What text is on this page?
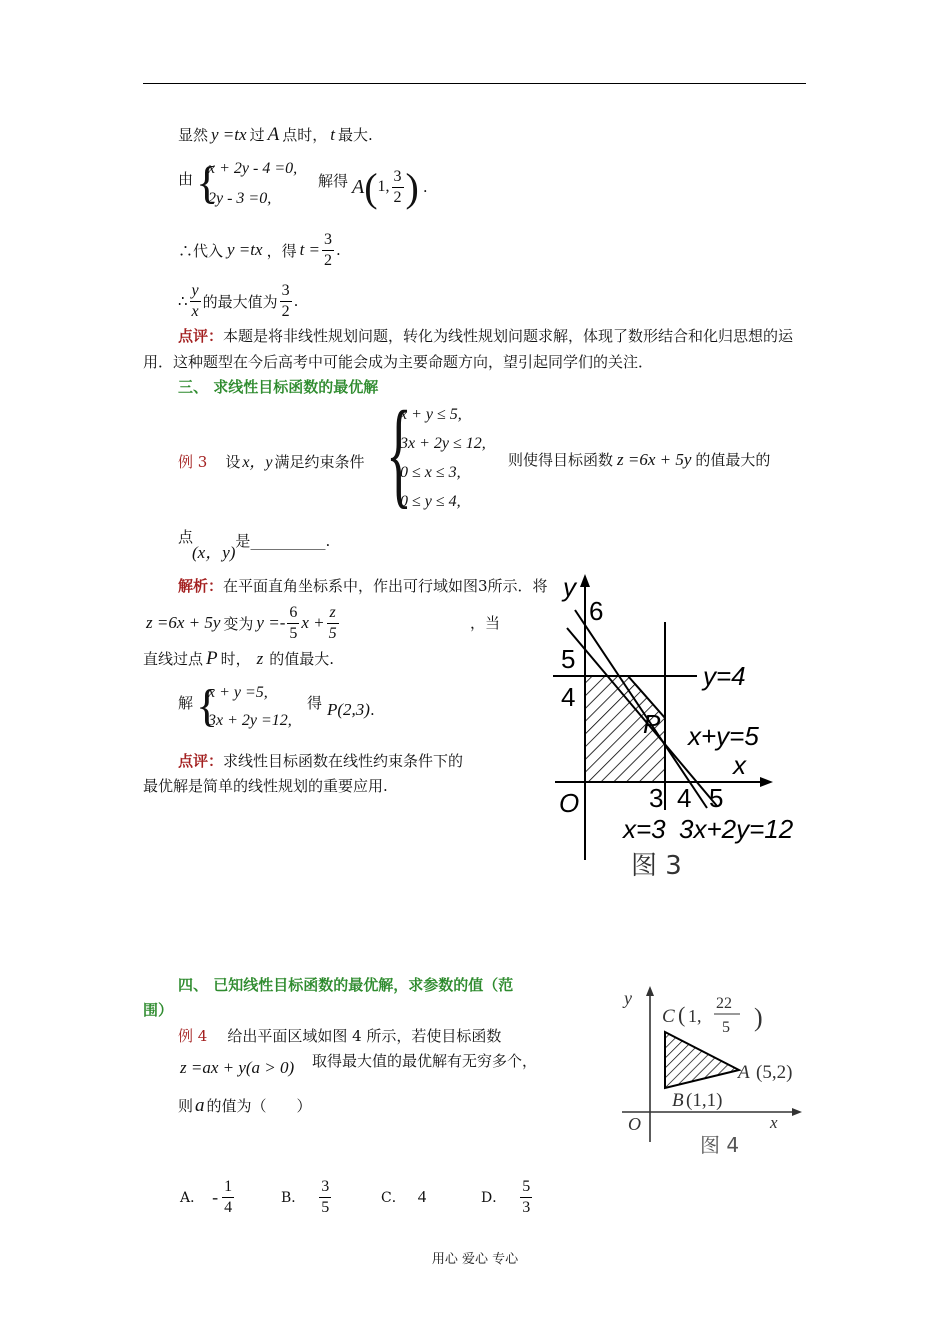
显然 y =tx 过 A 点时， t 最大.
由 {
x + 2y - 4 =0,
2y - 3 =0,
解得 A ( 1, $\frac{3}{2}$ ) .
∴代入 y =tx ，得 $t = \frac{3}{2}$ .
∴ $\frac{y}{x}$ 的最大值为 $\frac{3}{2}$ .
点评：本题是将非线性规划问题，转化为线性规划问题求解，体现了数形结合和化归思想的运用．这种题型在今后高考中可能会成为主要命题方向，望引起同学们的关注．
三、 求线性目标函数的最优解
例 3 设 x，y 满足约束条件 {
x + y ≤ 5,
3x + 2y ≤ 12,
0 ≤ x ≤ 3,
0 ≤ y ≤ 4,
则使得目标函数 z =6x + 5y 的值最大的
点
(x，y)是__________.
解析：在平面直角坐标系中，作出可行域如图3所示．将
z =6x + 5y 变为 $y =- \frac{6}{5}$ $x + \frac{z}{5}$	，当
直线过点 P 时， z 的值最大.
解 {
x + y =5,
3x + 2y =12,
得 P(2,3).
点评：求线性目标函数在线性约束条件下的
最优解是简单的线性规划的重要应用.
y
6
5
4
P
y=4
x+y=5
x
O	3 4 5
x=3 3x+2y=12
图 3
四、 已知线性目标函数的最优解，求参数的值（范
围）
例 4 给出平面区域如图 4 所示，若使目标函数
z =ax + y(a > 0) 取得最大值的最优解有无穷多个，
则 a 的值为（　　）
y
C ( 1,
22
5 )
A (5,2)
B (1,1)
O	x
图 4
A． - $\frac{1}{4}$	B． $\frac{3}{5}$	C． 4	D． $\frac{5}{3}$
用心 爱心 专心
